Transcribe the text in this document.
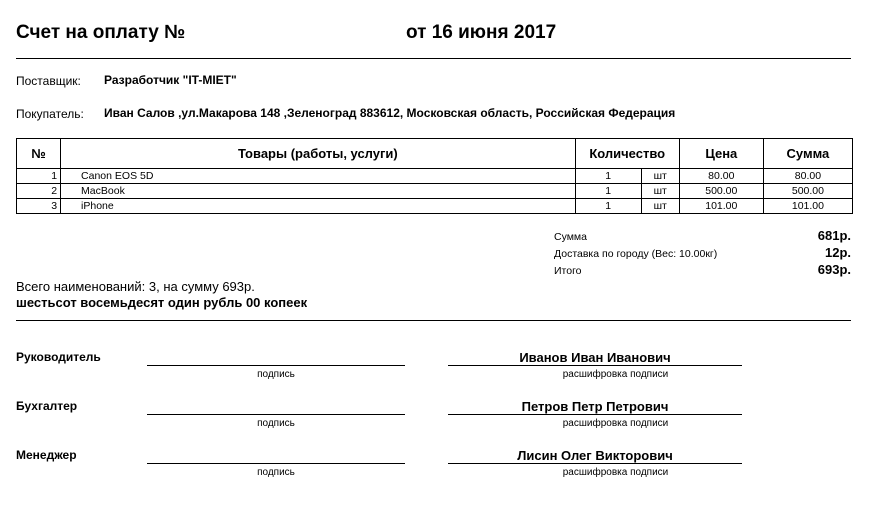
Счет на оплату №	от 16 июня 2017
Поставщик: Разработчик "IT-MIET"
Покупатель: Иван Салов ,ул.Макарова 148 ,Зеленоград 883612, Московская область, Российская Федерация
№	Товары (работы, услуги)	Количество		Цена	Сумма
1	Canon EOS 5D	1	шт	80.00	80.00
2	MacBook	1	шт	500.00	500.00
3	iPhone	1	шт	101.00	101.00
Сумма	681р.
Доставка по городу (Вес: 10.00кг)	12р.
Итого	693р.
Всего наименований: 3, на сумму 693р.
шестьсот восемьдесят один рубль 00 копеек
Руководитель
подпись
Иванов Иван Иванович
расшифровка подписи
Бухгалтер
подпись
Петров Петр Петрович
расшифровка подписи
Менеджер
подпись
Лисин Олег Викторович
расшифровка подписи
